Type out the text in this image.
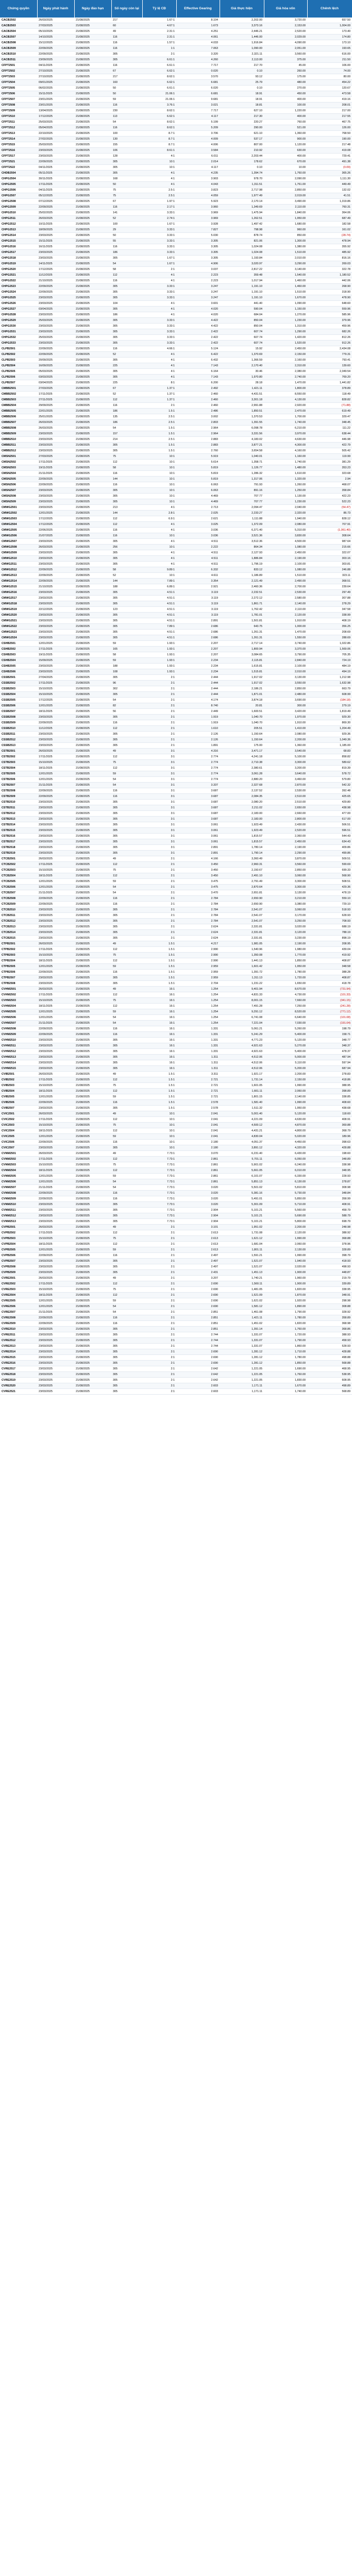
Chứng quyền	Ngày phát hành	Ngày đáo hạn	Số ngày còn lại	Tỷ lệ CĐ	Effective Gearing	Giá thực hiện	Giá hòa vốn	Chênh lệch
CACB2502	26/03/2025	21/08/2025	217	1.67:1	8.104	2,202.00	3,720.00	657.50
CACB2503	27/03/2025	21/08/2025	60	4.67:1	1.673	3,373.16	2,153.00	1,004.00
CACB2504	05/10/2025	21/08/2025	49	2.31:1	4.251	2,446.21	2,520.00	173.40
CACB2507	14/10/2025	21/08/2025	116	2.31:1	4.061	1,446.00	2,029.00	174.80
CACB2508	15/12/2025	21/08/2025	116	1.57:1	4.033	1,916.84	4,090.00	173.10
CACB2509	22/09/2025	21/08/2025	116	1:1	7.063	1,090.00	2,051.00	193.65
CACB2510	22/09/2025	21/08/2025	305	2:1	3.320	2,321.11	3,560.00	616.00
CACB2511	23/09/2025	21/08/2025	305	6.61:1	4.260	2,113.00	375.00	211.50
CFPT2501	04/11/2025	21/08/2025	116	6.61:1	7.717	217.70	45.00	106.00
CFPT2502	27/10/2025	21/08/2025	67	6.62:1	0.020	0.10	260.00	74.00
CFPT2503	27/10/2025	21/08/2025	217	8.62:1	3.570	93.12	175.00	80.00
CFPT2504	09/01/2025	21/08/2025	160	6.62:1	6.681	25.79	480.00	454.22
CFPT2505	06/02/2025	21/08/2025	50	6.61:1	6.020	0.10	270.00	120.67
CFPT2506	15/11/2025	21/08/2025	50	21.06:1	6.681	18.91	450.00	473.58
CFPT2507	23/01/2025	21/08/2025	59	21.06:1	9.681	18.91	400.00	419.16
CFPT2508	23/01/2025	21/08/2025	116	3.76:1	3.021	18.81	100.00	208.01
CFPT2509	13/04/2025	21/08/2025	230	8.62:1	7.717	627.10	1,220.00	217.00
CFPT2510	17/12/2025	21/08/2025	113	6.62:1	4.117	217.30	400.00	217.55
CFPT2511	25/03/2025	21/08/2025	54	8.62:1	5.199	220.27	760.00	467.75
CFPT2512	05/04/2025	21/08/2025	116	8.62:1	5.209	290.00	521.00	126.00
CFPT2513	22/10/2025	21/08/2025	100	8.7:1	3.706	621.10	1,360.00	768.50
CFPT2514	27/02/2025	21/08/2025	130	8.7:1	4.009	537.17	900.00	190.00
CFPT2515	25/03/2025	21/08/2025	155	8.7:1	4.006	807.00	1,120.00	217.48
CFPT2516	23/03/2025	21/08/2025	106	8.61:1	3.584	210.92	630.00	419.08
CFPT2517	23/03/2025	21/08/2025	128	4:1	6.011	2,203.44	400.00	729.41
CFPT2521	22/09/2025	21/08/2025	305	10:1	2.014	178.62	670.00	491.38
CFPT2522	04/11/2025	21/08/2025	305	10:1	4.117	0.10	10.00	(0.09)
CHDB2504	05/11/2025	21/08/2025	305	4:1	4.235	1,394.74	1,760.00	365.26
CHPG2504	30/11/2025	21/08/2025	168	4:1	3.903	978.70	2,090.00	1,111.30
CHPG2505	17/11/2025	21/08/2025	50	4:1	4.043	1,311.51	1,761.00	449.49
CHPG2506	04/11/2025	21/08/2025	75	2.5:1	3.823	2,717.98	2,850.00	132.02
CHPG2507	05/12/2025	21/08/2025	75	2.5:1	4.059	1,977.49	2,019.00	41.51
CHPG2508	07/12/2025	21/08/2025	67	1.97:1	5.923	2,170.14	3,490.00	1,319.86
CHPG2509	22/09/2025	21/08/2025	116	2.17:1	3.960	1,349.69	2,110.00	760.31
CHPG2510	25/02/2025	21/08/2025	141	3.33:1	3.969	1,475.94	1,840.00	364.06
CHPG2511	26/03/2025	21/08/2025	52	2.74:1	3.969	1,262.51	1,950.00	687.49
CHPG2512	10/11/2025	21/08/2025	100	1.67:1	3.928	1,497.42	1,680.00	182.58
CHPG2513	18/09/2025	21/08/2025	29	3.33:1	7.827	798.98	960.00	161.02
CHPG2514	23/03/2025	21/08/2025	50	3.33:1	5.030	878.74	850.00	(28.74)
CHPG2515	15/11/2025	21/08/2025	55	3.33:1	3.305	821.06	1,300.00	478.94
CHPG2516	16/11/2025	21/08/2025	116	3.33:1	3.305	1,024.08	1,380.00	355.92
CHPG2517	23/03/2025	21/08/2025	186	3.33:1	3.305	1,024.08	1,510.00	485.92
CHPG2518	23/03/2025	21/08/2025	305	1.67:1	3.305	1,193.84	2,010.00	816.16
CHPG2519	14/11/2025	21/08/2025	54	1.67:1	4.906	3,020.97	3,290.00	269.03
CHPG2520	17/12/2025	21/08/2025	58	2:1	3.037	2,817.22	3,140.00	322.78
CHPG2521	11/12/2025	21/08/2025	112	4:1	2.223	359.48	1,540.00	1,180.52
CHPG2522	21/10/2025	21/08/2025	116	4:1	2.223	1,017.94	1,460.00	442.06
CHPG2523	22/09/2025	21/08/2025	305	3.33:1	3.247	1,191.10	1,460.00	268.90
CHPG2524	22/09/2025	21/08/2025	305	3.33:1	3.247	1,191.10	1,510.00	318.90
CHPG2525	23/03/2025	21/08/2025	305	3.33:1	3.247	1,191.10	1,670.00	478.90
CHPG2526	23/03/2025	21/08/2025	104	4:1	3.601	441.40	1,090.00	648.60
CHPG2527	03/04/2025	21/08/2025	305	4:1	4.020	590.04	1,150.00	559.96
CHPG2528	23/03/2025	21/08/2025	186	4:1	4.020	684.04	1,270.00	585.96
CHPG2529	25/03/2025	21/08/2025	305	3.33:1	4.422	850.04	1,230.00	379.96
CHPG2530	23/03/2025	21/08/2025	305	3.33:1	4.422	850.04	1,310.00	459.96
CHPG2531	23/03/2025	21/08/2025	305	3.33:1	2.422	607.74	1,290.00	682.26
CHPG2532	25/03/2025	21/08/2025	305	3.33:1	2.422	607.74	1,420.00	812.26
CHPG2533	23/03/2025	21/08/2025	305	3.33:1	2.422	607.74	1,520.00	912.26
CLPB2501	22/09/2025	21/08/2025	116	4.66:1	5.124	15.92	2,450.00	2,434.08
CLPB2502	22/09/2025	21/08/2025	52	4:1	6.422	1,370.69	2,150.00	779.31
CLPB2503	20/09/2025	21/08/2025	305	4:1	6.432	1,366.59	2,160.00	793.41
CLPB2504	16/09/2025	21/08/2025	225	4:1	7.143	2,170.40	2,310.00	139.60
CLPB2505	05/03/2025	21/08/2025	305	4:1	6.164	30.46	2,380.00	2,349.54
CLPB2506	03/03/2025	21/08/2025	305	4:1	7.143	1,970.80	2,740.00	769.20
CLPB2507	03/04/2025	21/08/2025	225	8:1	6.200	28.18	1,470.00	1,441.82
CMBB2501	27/03/2025	21/08/2025	67	1.37:1	2.492	1,421.11	1,800.00	378.89
CMBB2502	17/11/2025	21/08/2025	52	1.37:1	2.460	4,431.51	8,550.00	118.49
CMBB2503	27/11/2025	21/08/2025	112	1.37:1	2.460	3,301.18	4,130.00	828.82
CMBB2504	29/09/2025	21/08/2025	116	2:1	2.460	2,991.88	2,920.00	(71.88)
CMBB2505	22/01/2025	21/08/2025	186	1.5:1	2.486	1,850.51	2,470.00	619.49
CMBB2506	25/01/2025	21/08/2025	135	2.5:1	3.002	1,370.53	1,700.00	329.47
CMBB2507	26/03/2025	21/08/2025	186	2.5:1	2.803	1,391.55	1,740.00	348.45
CMBB2508	26/03/2025	21/08/2025	54	1.5:1	2.964	6,098.78	6,210.00	111.22
CMBB2509	23/03/2025	21/08/2025	157	1.5:1	2.964	3,331.56	3,970.00	638.44
CMBB2510	23/03/2025	21/08/2025	214	2.5:1	2.883	4,183.02	4,630.00	446.98
CMBB2511	23/03/2025	21/08/2025	305	1.5:1	2.883	3,877.21	4,300.00	422.79
CMBB2512	23/03/2025	21/08/2025	305	1.5:1	2.760	3,654.58	4,160.00	505.42
CMSN2501	27/03/2025	21/08/2025	75	10:1	5.919	1,040.01	1,160.00	119.99
CMSN2502	17/11/2025	21/08/2025	112	10:1	5.614	1,358.71	1,740.00	381.29
CMSN2503	19/11/2025	21/08/2025	58	10:1	5.819	1,126.77	1,480.00	353.23
CMSN2504	21/11/2025	21/08/2025	116	10:1	5.819	1,286.32	1,610.00	323.68
CMSN2505	22/09/2025	21/08/2025	144	10:1	5.819	1,317.06	1,320.00	2.94
CMSN2506	22/09/2025	21/08/2025	116	10:1	6.063	791.93	1,260.00	468.07
CMSN2507	23/03/2025	21/08/2025	305	10:1	6.063	891.16	1,250.00	358.84
CMSN2508	23/03/2025	21/08/2025	305	10:1	4.469	707.77	1,130.00	422.23
CMSN2509	23/03/2025	21/08/2025	305	10:1	4.469	707.77	1,230.00	522.23
CMWG2501	23/03/2025	21/08/2025	213	4:1	2.713	2,094.47	2,040.00	(54.47)
CMWG2502	12/01/2025	21/08/2025	144	2.8:1	2.025	2,233.27	2,320.00	86.73
CMWG2503	17/12/2025	21/08/2025	112	6.9:1	2.621	1,111.88	1,940.00	828.12
CMWG2504	17/12/2025	21/08/2025	112	4:1	3.025	1,372.09	2,080.00	707.91
CMWG2505	22/06/2025	21/08/2025	116	4:1	3.036	6,371.40	5,310.00	(1,061.40)
CMWG2506	21/07/2025	21/08/2025	116	10:1	3.036	3,521.36	3,830.00	308.64
CMWG2507	23/03/2025	21/08/2025	305	4:1	4.511	3,512.36	4,500.00	987.64
CMWG2508	26/03/2025	21/08/2025	256	10:1	2.222	864.34	1,080.00	215.66
CMWG2509	23/03/2025	21/08/2025	305	4:1	4.511	2,127.93	2,450.00	322.07
CMWG2510	23/03/2025	21/08/2025	305	4:1	4.511	1,886.84	2,190.00	303.16
CMWG2511	23/03/2025	21/08/2025	305	4:1	4.511	1,796.19	2,100.00	303.81
CMWG2512	22/09/2025	21/08/2025	58	9.89:1	6.332	833.12	1,080.00	246.88
CMWG2513	22/09/2025	21/08/2025	52	10:1	4.611	1,186.89	1,510.00	323.11
CMWG2514	22/09/2025	21/08/2025	144	7.89:1	3.354	2,121.49	2,490.00	368.51
CMWG2515	21/10/2025	21/08/2025	188	6.89:1	2.921	2,460.36	2,700.00	239.64
CMWG2516	23/03/2025	21/08/2025	305	4.51:1	3.119	2,232.51	2,530.00	297.49
CMWG2517	23/03/2025	21/08/2025	305	4.51:1	3.119	2,272.12	2,580.00	307.88
CMWG2518	23/03/2025	21/08/2025	305	4.51:1	3.119	1,861.71	2,140.00	278.29
CMWG2519	22/12/2025	21/08/2025	123	4.51:1	3.119	1,762.42	2,110.00	347.58
CMWG2520	23/03/2025	21/08/2025	305	4.51:1	3.119	1,781.01	2,120.00	338.99
CMWG2521	23/03/2025	21/08/2025	305	4.51:1	2.891	1,501.81	1,910.00	408.19
CMWG2522	23/03/2025	21/08/2025	305	7.89:1	2.686	643.75	1,000.00	356.25
CMWG2523	23/03/2025	21/08/2025	305	4.51:1	2.686	1,261.31	1,470.00	208.69
CMWG2524	23/03/2025	21/08/2025	305	4.51:1	2.686	1,261.31	1,550.00	288.69
CSHB2501	12/01/2025	21/08/2025	59	1.93:1	2.207	2,717.14	3,740.00	1,022.86
CSHB2502	17/11/2025	21/08/2025	165	1.93:1	2.207	1,800.94	3,370.00	1,569.06
CSHB2503	19/11/2025	21/08/2025	58	1.93:1	2.207	3,084.65	3,790.00	705.35
CSHB2504	15/09/2025	21/08/2025	59	1.93:1	2.234	2,115.81	2,840.00	724.19
CSHB2505	23/03/2025	21/08/2025	188	1.93:1	2.234	1,615.81	2,100.00	484.19
CSHB2506	23/03/2025	21/08/2025	108	1.93:1	2.234	1,515.81	2,010.00	494.19
CSSB2501	27/04/2025	21/08/2025	305	2:1	2.444	1,917.02	3,130.00	1,212.98
CSSB2502	17/11/2025	21/08/2025	96	2:1	2.444	1,917.02	3,550.00	1,632.98
CSSB2503	15/10/2025	21/08/2025	302	2:1	2.444	2,186.21	2,850.00	663.79
CSSB2504	15/10/2025	21/08/2025	305	2:1	2.444	1,871.01	2,480.00	608.99
CSSB2505	17/12/2025	21/08/2025	54	2:1	4.174	3,874.18	3,690.00	(184.18)
CSSB2506	12/01/2025	21/08/2025	82	2:1	8.740	20.81	300.00	279.19
CSSB2507	18/11/2025	21/08/2025	56	2:1	2.449	1,600.51	3,420.00	1,819.49
CSSB2508	23/03/2025	21/08/2025	305	2:1	1.919	1,040.70	1,970.00	929.30
CSSB2509	22/09/2025	21/08/2025	116	2:1	1.919	1,040.70	1,910.00	869.30
CSSB2510	11/12/2025	21/08/2025	112	2:1	1.610	205.51	1,410.00	1,204.49
CSSB2511	23/03/2025	21/08/2025	305	2:1	2.126	1,150.64	2,080.00	929.36
CSSB2512	23/03/2025	21/08/2025	305	2:1	2.126	1,150.64	2,200.00	1,049.36
CSSB2513	23/03/2025	21/08/2025	305	2:1	1.891	175.00	1,360.00	1,185.00
CSTB2501	26/03/2025	21/08/2025	49	3:1	4.316	3,471.17	3,540.00	68.83
CSTB2502	17/11/2025	21/08/2025	112	3:1	2.774	4,241.18	5,100.00	858.82
CSTB2503	15/10/2025	21/08/2025	75	3:1	2.774	2,710.38	3,300.00	589.62
CSTB2504	18/11/2025	21/08/2025	112	3:1	2.774	2,380.61	3,200.00	819.39
CSTB2505	12/01/2025	21/08/2025	59	3:1	2.774	3,061.28	3,640.00	578.72
CSTB2506	12/01/2025	21/08/2025	54	3:1	2.774	2,880.20	3,460.00	579.80
CSTB2507	21/11/2025	21/08/2025	54	3:1	3.337	2,327.68	2,870.00	542.32
CSTB2508	22/09/2025	21/08/2025	116	3:1	3.687	2,137.52	2,530.00	392.48
CSTB2509	22/09/2025	21/08/2025	116	3:1	3.687	2,084.35	2,510.00	425.65
CSTB2510	23/03/2025	21/08/2025	305	3:1	3.687	2,080.20	2,510.00	429.80
CSTB2511	23/03/2025	21/08/2025	305	3:1	3.687	2,211.02	2,650.00	438.98
CSTB2512	23/03/2025	21/08/2025	305	3:1	3.687	2,183.00	2,660.00	477.00
CSTB2513	23/03/2025	21/08/2025	305	3:1	3.687	2,183.00	2,800.00	617.00
CSTB2514	23/03/2025	21/08/2025	305	3:1	3.061	1,923.49	2,430.00	506.51
CSTB2515	23/03/2025	21/08/2025	305	3:1	3.061	1,923.49	2,520.00	596.51
CSTB2516	23/03/2025	21/08/2025	305	3:1	3.061	1,815.57	2,360.00	544.43
CSTB2517	23/03/2025	21/08/2025	305	3:1	3.061	1,815.57	2,450.00	634.43
CSTB2518	23/03/2025	21/08/2025	305	3:1	2.891	1,780.14	2,190.00	409.86
CSTB2519	23/03/2025	21/08/2025	305	3:1	2.891	1,790.14	2,290.00	499.86
CTCB2501	26/03/2025	21/08/2025	49	2:1	4.166	3,360.49	3,870.00	509.51
CTCB2502	17/11/2025	21/08/2025	112	2:1	3.450	2,960.31	3,560.00	599.69
CTCB2503	15/10/2025	21/08/2025	75	2:1	3.450	2,150.67	2,850.00	699.33
CTCB2504	18/11/2025	21/08/2025	112	2:1	3.450	2,491.10	3,060.00	568.90
CTCB2505	12/01/2025	21/08/2025	59	2:1	3.475	2,791.49	3,300.00	508.51
CTCB2506	12/01/2025	21/08/2025	54	2:1	3.475	2,870.64	3,300.00	429.36
CTCB2507	21/11/2025	21/08/2025	54	2:1	3.470	2,651.81	3,130.00	478.19
CTCB2508	22/09/2025	21/08/2025	116	2:1	2.784	2,650.90	3,210.00	559.10
CTCB2509	22/09/2025	21/08/2025	116	2:1	2.784	2,650.90	3,380.00	729.10
CTCB2510	23/03/2025	21/08/2025	305	2:1	2.784	2,541.07	3,060.00	518.93
CTCB2511	23/03/2025	21/08/2025	305	2:1	2.784	2,541.07	3,170.00	628.93
CTCB2512	23/03/2025	21/08/2025	305	2:1	2.784	2,541.07	3,250.00	708.93
CTCB2513	23/03/2025	21/08/2025	305	2:1	2.624	2,331.81	3,020.00	688.19
CTCB2514	23/03/2025	21/08/2025	305	2:1	2.624	2,331.81	3,120.00	788.19
CTCB2515	23/03/2025	21/08/2025	305	2:1	2.624	2,331.81	3,230.00	898.19
CTPB2501	26/03/2025	21/08/2025	49	1.5:1	4.217	1,981.05	2,190.00	208.95
CTPB2502	17/11/2025	21/08/2025	112	1.5:1	2.990	1,540.96	1,980.00	439.04
CTPB2503	15/10/2025	21/08/2025	75	1.5:1	2.990	1,350.08	1,770.00	419.92
CTPB2504	18/11/2025	21/08/2025	112	1.5:1	2.990	1,441.13	1,850.00	408.87
CTPB2505	12/01/2025	21/08/2025	59	1.5:1	2.959	1,601.42	1,950.00	348.58
CTPB2506	22/09/2025	21/08/2025	116	1.5:1	2.959	1,391.72	1,780.00	388.28
CTPB2507	23/03/2025	21/08/2025	305	1.5:1	2.959	1,311.13	1,720.00	408.87
CTPB2508	23/03/2025	21/08/2025	305	1.5:1	2.704	1,231.22	1,650.00	418.78
CVHM2501	26/03/2025	21/08/2025	49	16:1	1.254	9,401.94	8,670.00	(731.94)
CVHM2502	17/11/2025	21/08/2025	112	16:1	1.254	4,831.33	4,730.00	(101.33)
CVHM2503	15/10/2025	21/08/2025	75	16:1	1.254	8,001.15	7,660.00	(341.15)
CVHM2504	18/11/2025	21/08/2025	112	16:1	1.254	7,491.28	7,250.00	(241.28)
CVHM2505	12/01/2025	21/08/2025	59	16:1	1.254	9,291.12	8,520.00	(771.12)
CVHM2506	12/01/2025	21/08/2025	54	16:1	1.254	6,741.08	6,640.00	(101.08)
CVHM2507	21/11/2025	21/08/2025	54	16:1	1.254	7,221.04	7,030.00	(191.04)
CVHM2508	22/09/2025	21/08/2025	116	16:1	1.331	5,061.21	5,260.00	198.79
CVHM2509	22/09/2025	21/08/2025	116	16:1	1.331	5,241.29	5,400.00	158.71
CVHM2510	23/03/2025	21/08/2025	305	16:1	1.331	4,771.23	5,120.00	348.77
CVHM2511	23/03/2025	21/08/2025	305	16:1	1.331	4,921.63	5,270.00	348.37
CVHM2512	23/03/2025	21/08/2025	305	16:1	1.331	4,921.63	5,400.00	478.37
CVHM2513	23/03/2025	21/08/2025	305	16:1	1.311	4,512.06	5,000.00	487.94
CVHM2514	23/03/2025	21/08/2025	305	16:1	1.311	4,512.06	5,110.00	597.94
CVHM2515	23/03/2025	21/08/2025	305	16:1	1.311	4,512.06	5,200.00	687.94
CVIB2501	26/03/2025	21/08/2025	49	1.5:1	3.311	1,921.17	2,200.00	278.83
CVIB2502	17/11/2025	21/08/2025	112	1.5:1	2.721	1,731.14	2,150.00	418.86
CVIB2503	15/10/2025	21/08/2025	75	1.5:1	2.721	1,601.05	1,990.00	388.95
CVIB2504	18/11/2025	21/08/2025	112	1.5:1	2.721	1,661.11	2,060.00	398.89
CVIB2505	12/01/2025	21/08/2025	59	1.5:1	2.721	1,801.15	2,140.00	338.85
CVIB2506	22/09/2025	21/08/2025	116	1.5:1	2.578	1,581.40	1,990.00	408.60
CVIB2507	23/03/2025	21/08/2025	305	1.5:1	2.578	1,511.32	1,950.00	438.68
CVIC2501	26/03/2025	21/08/2025	49	10:1	2.041	5,001.40	5,120.00	118.60
CVIC2502	17/11/2025	21/08/2025	112	10:1	2.041	4,221.09	4,630.00	408.91
CVIC2503	15/10/2025	21/08/2025	75	10:1	2.041	4,500.12	4,870.00	369.88
CVIC2504	18/11/2025	21/08/2025	112	10:1	2.041	4,431.21	4,800.00	368.79
CVIC2505	12/01/2025	21/08/2025	59	10:1	2.041	4,830.04	5,020.00	189.96
CVIC2506	22/09/2025	21/08/2025	116	10:1	2.180	4,051.37	4,450.00	398.63
CVIC2507	23/03/2025	21/08/2025	305	10:1	2.180	3,891.12	4,320.00	428.88
CVNM2501	26/03/2025	21/08/2025	49	7.73:1	3.070	6,231.40	6,430.00	198.60
CVNM2502	17/11/2025	21/08/2025	112	7.73:1	2.861	5,701.11	6,050.00	348.89
CVNM2503	15/10/2025	21/08/2025	75	7.73:1	2.861	5,901.02	6,240.00	338.98
CVNM2504	18/11/2025	21/08/2025	112	7.73:1	2.861	5,661.05	6,010.00	348.95
CVNM2505	12/01/2025	21/08/2025	59	7.73:1	2.861	6,101.07	6,330.00	228.93
CVNM2506	12/01/2025	21/08/2025	54	7.73:1	2.861	5,851.13	6,130.00	278.87
CVNM2507	21/11/2025	21/08/2025	54	7.73:1	3.020	5,501.02	5,810.00	308.98
CVNM2508	22/09/2025	21/08/2025	116	7.73:1	3.020	5,381.16	5,730.00	348.84
CVNM2509	22/09/2025	21/08/2025	116	7.73:1	3.020	5,491.01	5,850.00	358.99
CVNM2510	23/03/2025	21/08/2025	305	7.73:1	3.020	5,301.09	5,710.00	408.91
CVNM2511	23/03/2025	21/08/2025	305	7.73:1	2.904	5,101.21	5,560.00	458.79
CVNM2512	23/03/2025	21/08/2025	305	7.73:1	2.904	5,101.21	5,690.00	588.79
CVNM2513	23/03/2025	21/08/2025	305	7.73:1	2.904	5,101.21	5,800.00	698.79
CVPB2501	26/03/2025	21/08/2025	49	2:1	3.101	1,951.02	2,200.00	248.98
CVPB2502	17/11/2025	21/08/2025	112	2:1	2.613	1,731.08	2,120.00	388.92
CVPB2503	15/10/2025	21/08/2025	75	2:1	2.613	1,621.12	1,990.00	368.88
CVPB2504	18/11/2025	21/08/2025	112	2:1	2.613	1,681.04	2,060.00	378.96
CVPB2505	12/01/2025	21/08/2025	59	2:1	2.613	1,801.11	2,130.00	328.89
CVPB2506	22/09/2025	21/08/2025	116	2:1	2.497	1,591.21	1,990.00	398.79
CVPB2507	23/03/2025	21/08/2025	305	2:1	2.497	1,521.07	1,940.00	418.93
CVPB2508	23/03/2025	21/08/2025	305	2:1	2.497	1,521.07	2,020.00	498.93
CVPB2509	23/03/2025	21/08/2025	305	2:1	2.431	1,451.13	1,900.00	448.87
CVRE2501	26/03/2025	21/08/2025	49	2:1	3.207	1,740.21	1,960.00	219.79
CVRE2502	17/11/2025	21/08/2025	112	2:1	2.690	1,560.11	1,900.00	339.89
CVRE2503	15/10/2025	21/08/2025	75	2:1	2.690	1,481.05	1,820.00	338.95
CVRE2504	18/11/2025	21/08/2025	112	2:1	2.690	1,521.09	1,870.00	348.91
CVRE2505	12/01/2025	21/08/2025	59	2:1	2.690	1,621.02	1,920.00	298.98
CVRE2506	12/01/2025	21/08/2025	54	2:1	2.690	1,581.12	1,890.00	308.88
CVRE2507	21/11/2025	21/08/2025	54	2:1	2.851	1,461.08	1,790.00	328.92
CVRE2508	22/09/2025	21/08/2025	116	2:1	2.851	1,421.11	1,780.00	358.89
CVRE2509	22/09/2025	21/08/2025	116	2:1	2.851	1,451.02	1,820.00	368.98
CVRE2510	23/03/2025	21/08/2025	305	2:1	2.851	1,391.14	1,760.00	368.86
CVRE2511	23/03/2025	21/08/2025	305	2:1	2.744	1,331.07	1,720.00	388.93
CVRE2512	23/03/2025	21/08/2025	305	2:1	2.744	1,331.07	1,790.00	458.93
CVRE2513	23/03/2025	21/08/2025	305	2:1	2.744	1,331.07	1,860.00	528.93
CVRE2514	23/03/2025	21/08/2025	305	2:1	2.690	1,281.12	1,710.00	428.88
CVRE2515	23/03/2025	21/08/2025	305	2:1	2.690	1,281.12	1,780.00	498.88
CVRE2516	23/03/2025	21/08/2025	305	2:1	2.690	1,281.12	1,850.00	568.88
CVRE2517	23/03/2025	21/08/2025	305	2:1	2.642	1,221.05	1,690.00	468.95
CVRE2518	23/03/2025	21/08/2025	305	2:1	2.642	1,221.05	1,760.00	538.95
CVRE2519	23/03/2025	21/08/2025	305	2:1	2.642	1,221.05	1,830.00	608.95
CVRE2520	23/03/2025	21/08/2025	305	2:1	2.603	1,171.11	1,670.00	498.89
CVRE2521	23/03/2025	21/08/2025	305	2:1	2.603	1,171.11	1,740.00	568.89
